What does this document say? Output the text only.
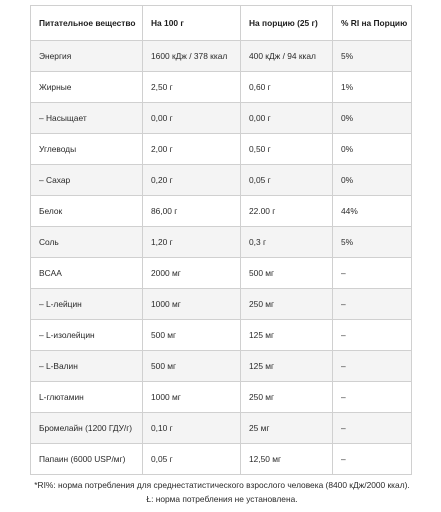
Питательное вещество	На 100 г	На порцию (25 г)	% RI на Порцию
Энергия	1600 кДж / 378 ккал	400 кДж / 94 ккал	5%
Жирные	2,50 г	0,60 г	1%
– Насыщает	0,00 г	0,00 г	0%
Углеводы	2,00 г	0,50 г	0%
– Сахар	0,20 г	0,05 г	0%
Белок	86,00 г	22.00 г	44%
Соль	1,20 г	0,3 г	5%
BCAA	2000 мг	500 мг	–
– L-лейцин	1000 мг	250 мг	–
– L-изолейцин	500 мг	125 мг	–
– L-Валин	500 мг	125 мг	–
L-глютамин	1000 мг	250 мг	–
Бромелайн (1200 ГДУ/г)	0,10 г	25 мг	–
Папаин (6000 USP/мг)	0,05 г	12,50 мг	–
*RI%: норма потребления для среднестатистического взрослого человека (8400 кДж/2000 ккал).
Ł: норма потребления не установлена.
